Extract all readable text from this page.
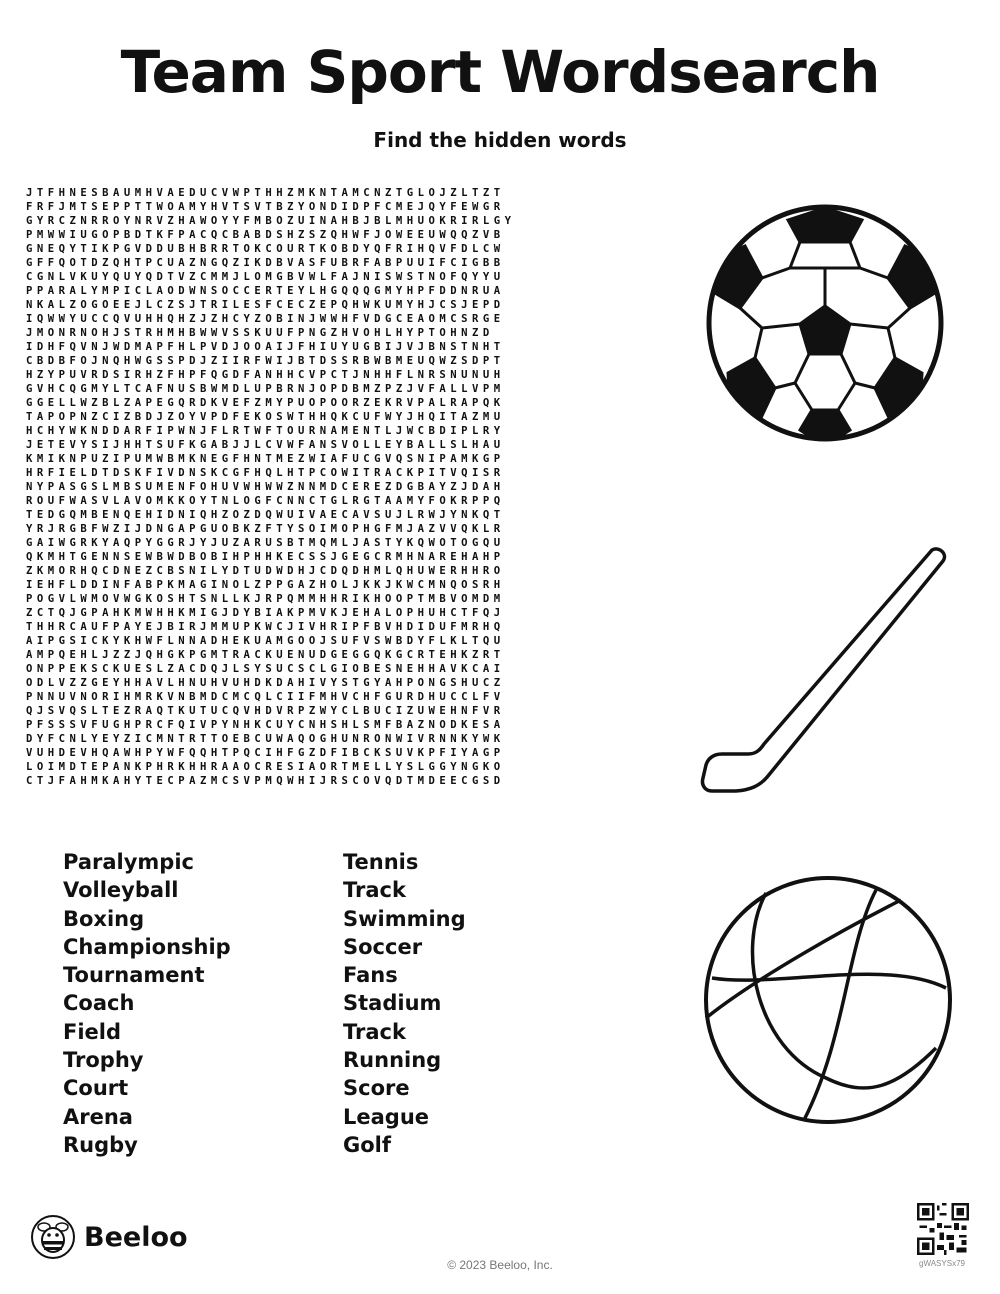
Team Sport Wordsearch
Find the hidden words
JTFHNESBAUMHVAEDUCVWPTHHZMKNTAMCNZTGLOJZLTZT
FRFJMTSEPPTTWOAMYHVTSVTBZYONDIDPFCMEJQYFEWGR
GYRCZNRROYNRVZHAWOYYFMBOZUINAHBJBLMHUOKRIRLGY
PMWWIUGOPBDTKFPACQCBABDSHZSZQHWFJOWEEUWQQZVB
GNEQYTIKPGVDDUBHBRRTOKCOURTKOBDYQFRIHQVFDLCW
GFFQOTDZQHTPCUAZNGQZIKDBVASFUBRFABPUUIFCIGBB
CGNLVKUYQUYQDTVZCMMJLOMGBVWLFAJNISWSTNOFQYYU
PPARALYMPICLAODWNSOCCERTEYLHGQQQGMYHPFDDNRUA
NKALZOGOEEJLCZSJTRILESFCECZEPQHWKUMYHJCSJEPD
IQWWYUCCQVUHHQHZJZHCYZOBINJWWHFVDGCEAOMCSRGE
JMONRNOHJSTRHMHBWWVSSKUUFPNGZHVOHLHYPTOHNZD
IDHFQVNJWDMAPFHLPVDJOOAIJFHIUYUGBIJVJBNSTNHT
CBDBFOJNQHWGSSPDJZIIRFWIJBTDSSRBWBMEUQWZSDPT
HZYPUVRDSIRHZFHPFQGDFANHHCVPCTJNHHFLNRSNUNUH
GVHCQGMYLTCAFNUSBWMDLUPBRNJOPDBMZPZJVFALLVPM
GGELLWZBLZAPEGQRDKVEFZMYPUOPOORZEKRVPALRAPQK
TAPOPNZCIZBDJZOYVPDFEKOSWTHHQKCUFWYJHQITAZMU
HCHYWKNDDARFIPWNJFLRTWFTOURNAMENTLJWCBDIPLRY
JETEVYSIJHHTSUFKGABJJLCVWFANSVOLLEYBALLSLHAU
KMIKNPUZIPUMWBMKNEGFHNTMEZWIAFUCGVQSNIPAMKGP
HRFIELDTDSKFIVDNSKCGFHQLHTPCOWITRACKPITVQISR
NYPASGSLMBSUMENFOHUVWHWWZNNMDCEREZDGBAYZJDAH
ROUFWASVLAVOMKKOYTNLOGFCNNCTGLRGTAAMYFOKRPPQ
TEDGQMBENQEHIDNIQHZOZDQWUIVAECAVSUJLRWJYNKQT
YRJRGBFWZIJDNGAPGUOBKZFTYSOIMOPHGFMJAZVVQKLR
GAIWGRKYAQPYGGRJYJUZARUSBTMQMLJASTYKQWOTOGQU
QKMHTGENNSEWBWDBOBIHPHHKECSSJGEGCRMHNAREHAHP
ZKMORHQCDNEZCBSNILYDTUDWDHJCDQDHMLQHUWERHHRO
IEHFLDDINFABPKMAGINOLZPPGAZHOLJKKJKWCMNQOSRH
POGVLWMOVWGKOSHTSNLLKJRPQMMHHRIKHOOPTMBVOMDM
ZCTQJGPAHKMWHHKMIGJDYBIAKPMVKJEHALOPHUHCTFQJ
THHRCAUFPAYEJBIRJMMUPKWCJIVHRIPFBVHDIDUFMRHQ
AIPGSICKYKHWFLNNADHEKUAMGOOJSUFVSWBDYFLKLTQU
AMPQEHLJZZJQHGKPGMTRACKUENUDGEGGQKGCRTEHKZRT
ONPPEKSCKUESLZACDQJLSYSUCSCLGIOBESNEHHAVKCAI
ODLVZZGEYHHAVLHNUHVUHDKDAHIVYSTGYAHPONGSHUCZ
PNNUVNORIHMRKVNBMDCMCQLCIIFMHVCHFGURDHUCCLFV
QJSVQSLTEZRAQTKUTUCQVHDVRPZWYCLBUCIZUWEHNFVR
PFSSSVFUGHPRCFQIVPYNHKCUYCNHSHLSMFBAZNODKESA
DYFCNLYEYZICMNTRTTOEBCUWAQOGHUNRONWIVRNNKYWK
VUHDEVHQAWHPYWFQQHTPQCIHFGZDFIBCKSUVKPFIYAGP
LOIMDTEPANKPHRKHHRAAOCRESIAORTMELLYSLGGYNGKO
CTJFAHMKAHYTECPAZMCSVPMQWHIJRSCOVQDTMDEECGSD
Paralympic
Volleyball
Boxing
Championship
Tournament
Coach
Field
Trophy
Court
Arena
Rugby
Tennis
Track
Swimming
Soccer
Fans
Stadium
Track
Running
Score
League
Golf
Beeloo
© 2023 Beeloo, Inc.	gWASYSx79
